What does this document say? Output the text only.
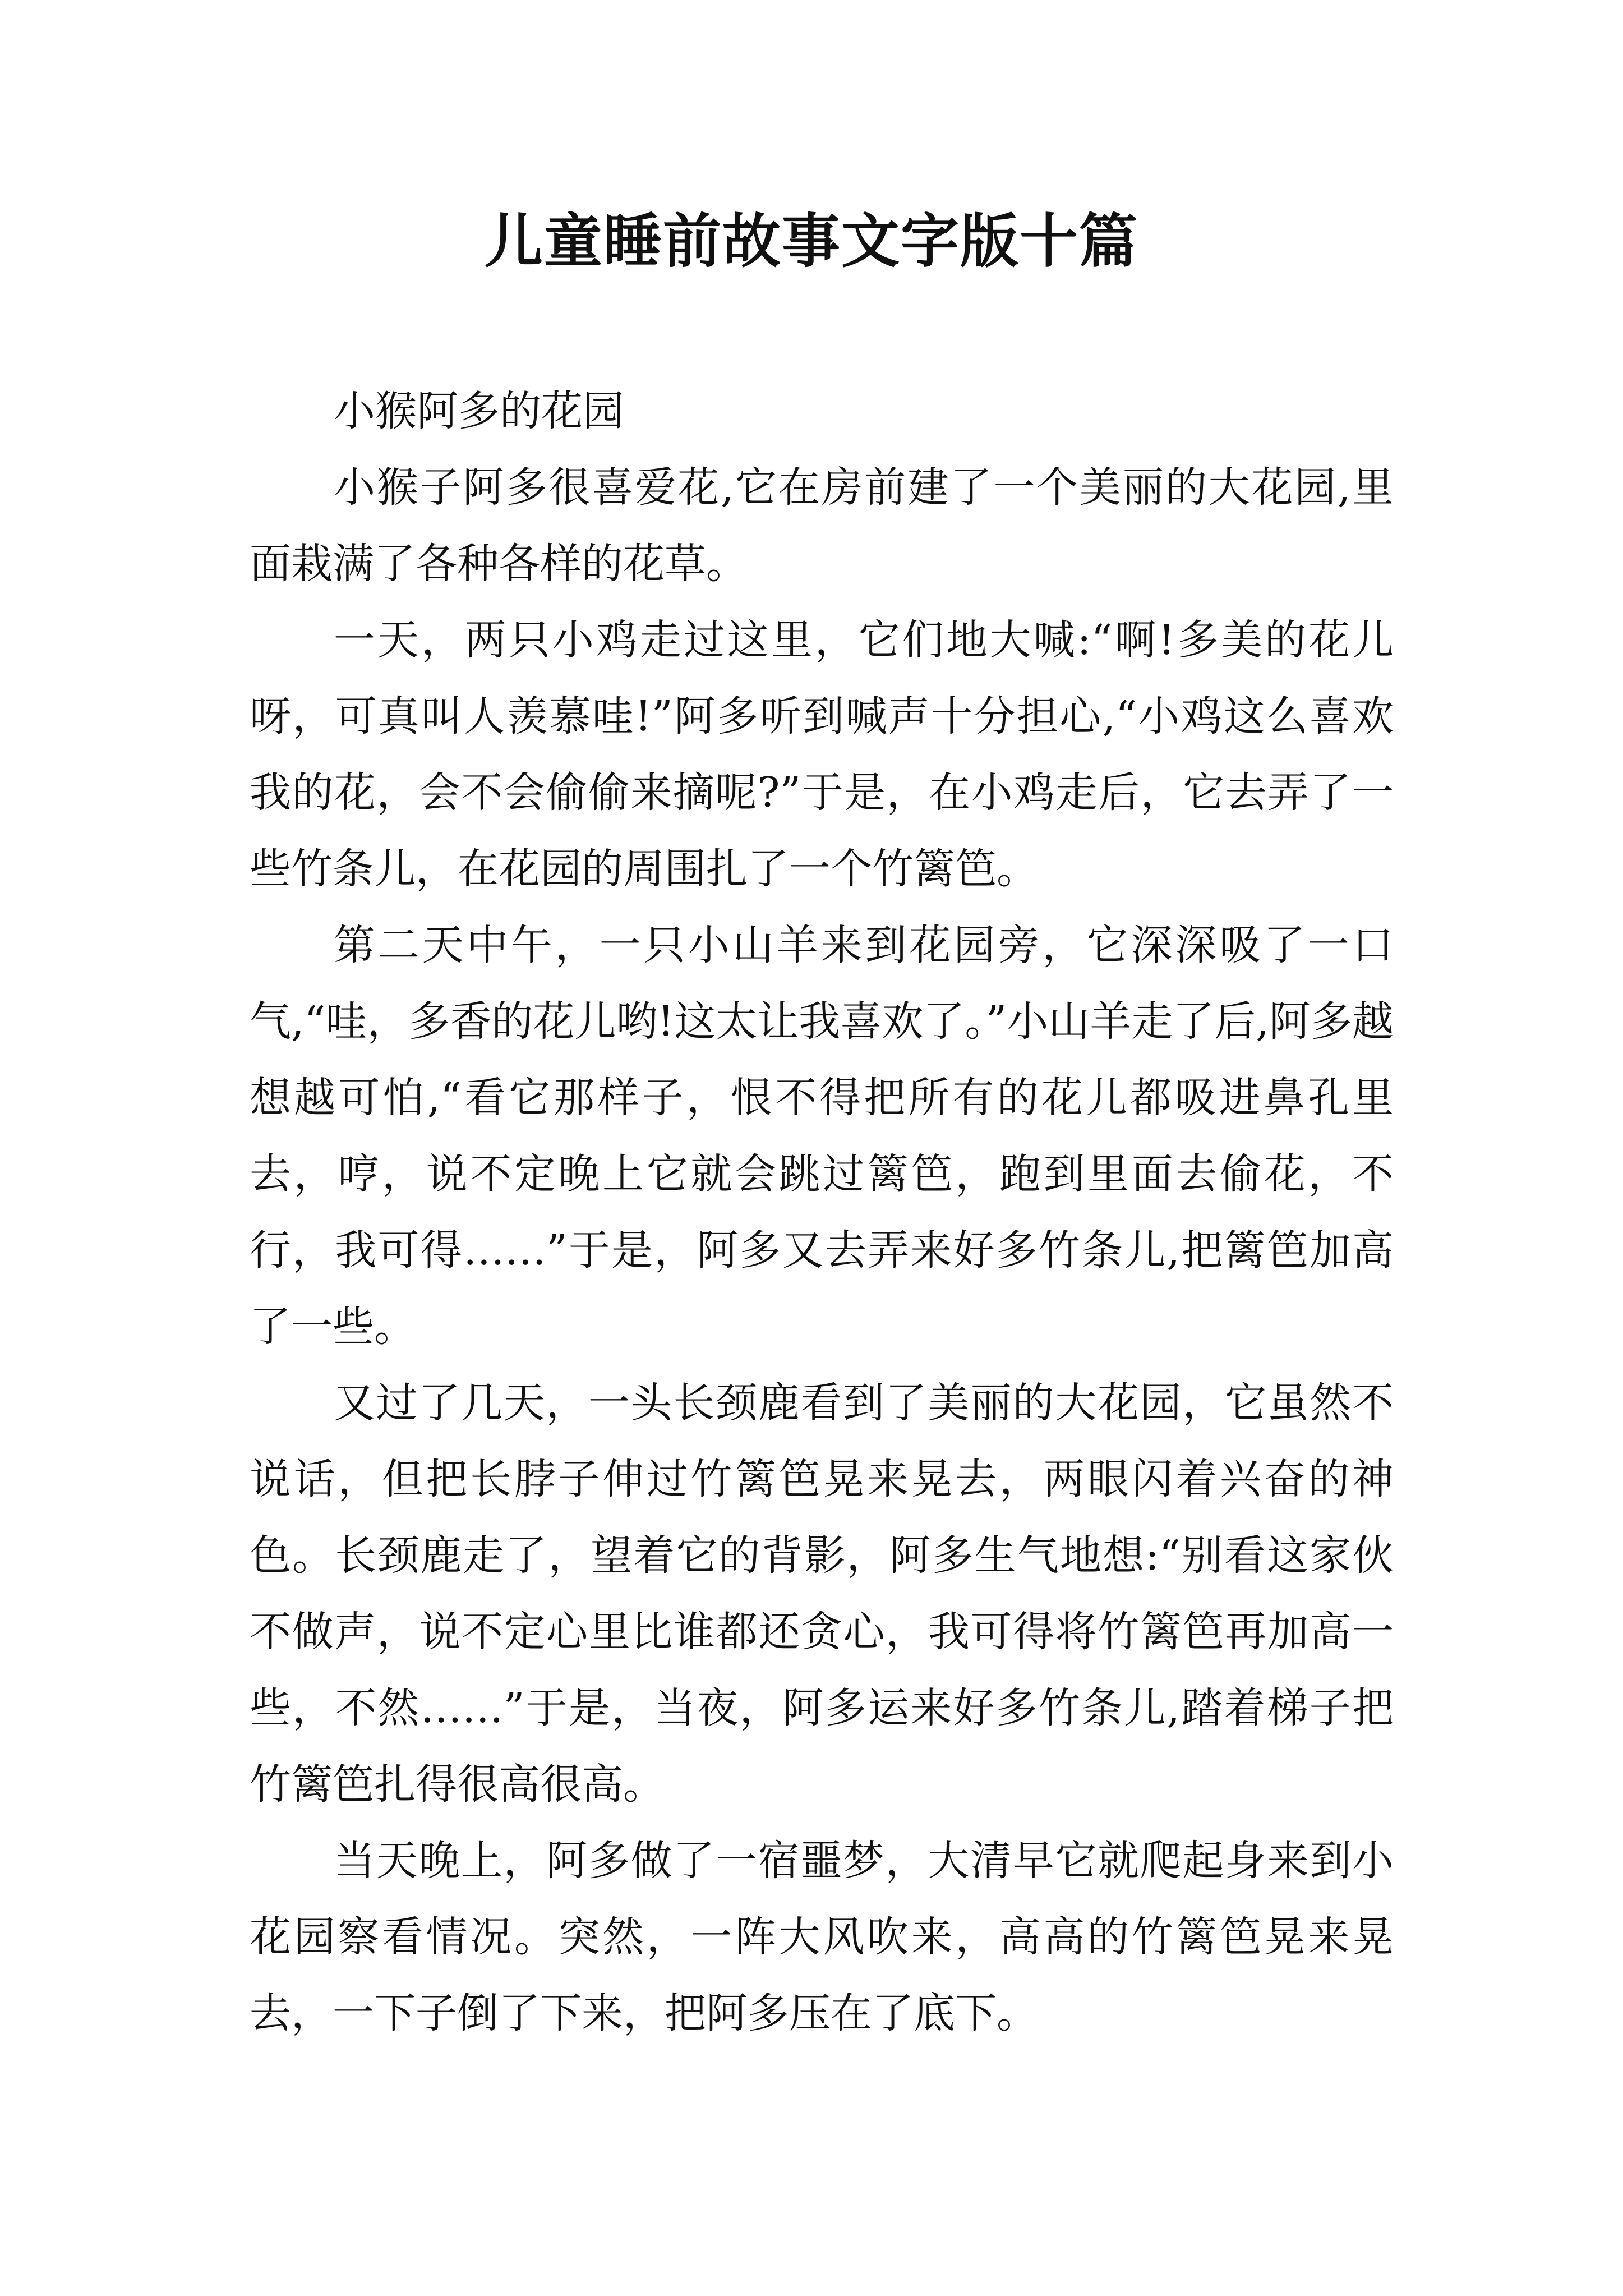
儿童睡前故事文字版十篇

小猴阿多的花园

小猴子阿多很喜爱花,它在房前建了一个美丽的大花园,里面栽满了各种各样的花草。

一天，两只小鸡走过这里，它们地大喊:“啊!多美的花儿呀，可真叫人羡慕哇!”阿多听到喊声十分担心,“小鸡这么喜欢我的花，会不会偷偷来摘呢?”于是，在小鸡走后，它去弄了一些竹条儿，在花园的周围扎了一个竹篱笆。

第二天中午，一只小山羊来到花园旁，它深深吸了一口气,“哇，多香的花儿哟!这太让我喜欢了。”小山羊走了后,阿多越想越可怕,“看它那样子，恨不得把所有的花儿都吸进鼻孔里去，哼，说不定晚上它就会跳过篱笆，跑到里面去偷花，不行，我可得……”于是，阿多又去弄来好多竹条儿,把篱笆加高了一些。

又过了几天，一头长颈鹿看到了美丽的大花园，它虽然不说话，但把长脖子伸过竹篱笆晃来晃去，两眼闪着兴奋的神色。长颈鹿走了，望着它的背影，阿多生气地想:“别看这家伙不做声，说不定心里比谁都还贪心，我可得将竹篱笆再加高一些，不然……”于是，当夜，阿多运来好多竹条儿,踏着梯子把竹篱笆扎得很高很高。

当天晚上，阿多做了一宿噩梦，大清早它就爬起身来到小花园察看情况。突然，一阵大风吹来，高高的竹篱笆晃来晃去，一下子倒了下来，把阿多压在了底下。
